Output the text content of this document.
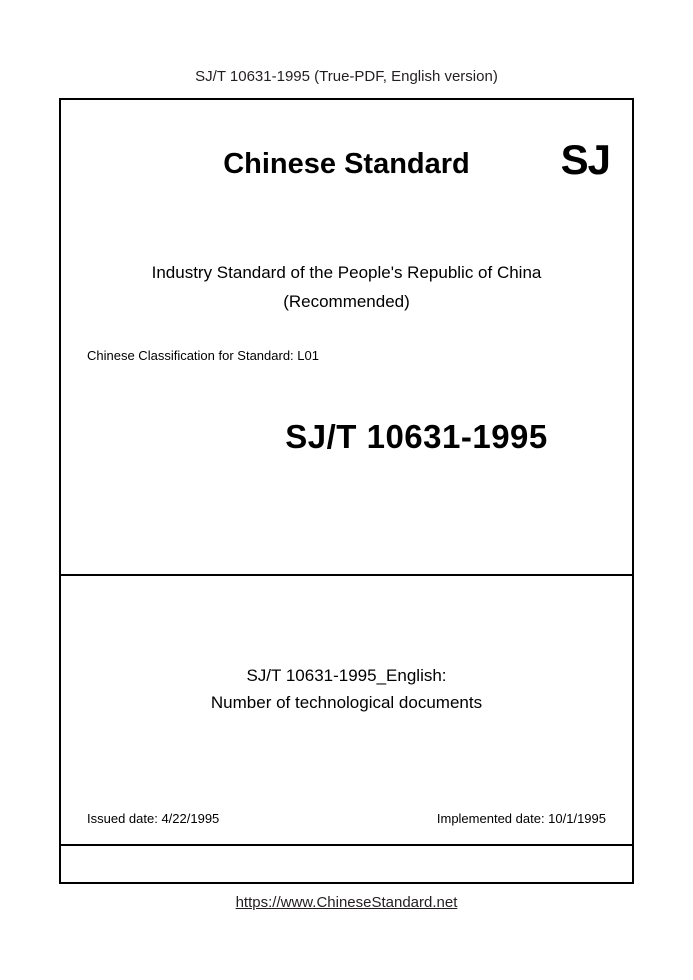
SJ/T 10631-1995 (True-PDF, English version)
Chinese Standard	SJ
Industry Standard of the People's Republic of China
(Recommended)
Chinese Classification for Standard: L01
SJ/T 10631-1995
SJ/T 10631-1995_English:
Number of technological documents
Issued date: 4/22/1995	Implemented date: 10/1/1995
https://www.ChineseStandard.net
